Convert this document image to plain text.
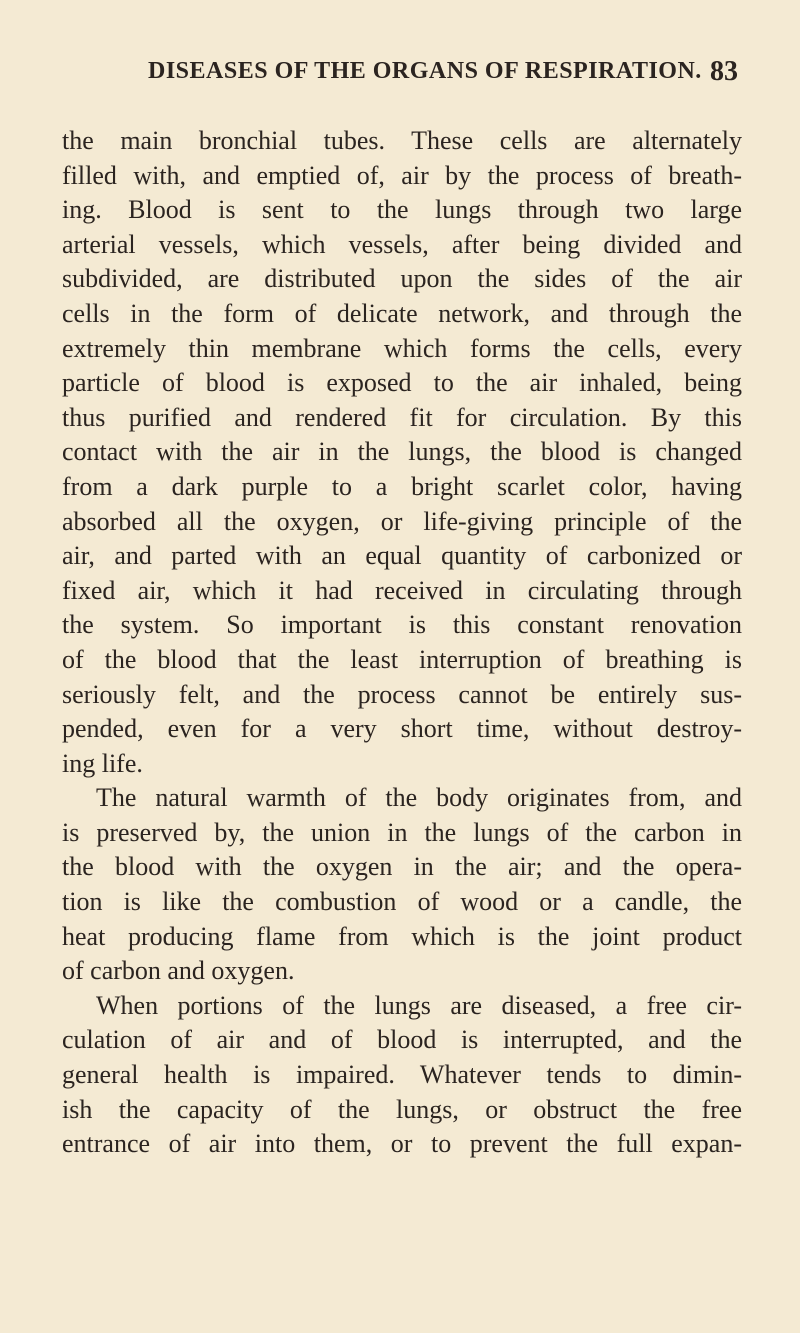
DISEASES OF THE ORGANS OF RESPIRATION. 83
the main bronchial tubes. These cells are alternately
filled with, and emptied of, air by the process of breath-
ing. Blood is sent to the lungs through two large
arterial vessels, which vessels, after being divided and
subdivided, are distributed upon the sides of the air
cells in the form of delicate network, and through the
extremely thin membrane which forms the cells, every
particle of blood is exposed to the air inhaled, being
thus purified and rendered fit for circulation. By this
contact with the air in the lungs, the blood is changed
from a dark purple to a bright scarlet color, having
absorbed all the oxygen, or life-giving principle of the
air, and parted with an equal quantity of carbonized or
fixed air, which it had received in circulating through
the system. So important is this constant renovation
of the blood that the least interruption of breathing is
seriously felt, and the process cannot be entirely sus-
pended, even for a very short time, without destroy-
ing life.
The natural warmth of the body originates from, and
is preserved by, the union in the lungs of the carbon in
the blood with the oxygen in the air; and the opera-
tion is like the combustion of wood or a candle, the
heat producing flame from which is the joint product
of carbon and oxygen.
When portions of the lungs are diseased, a free cir-
culation of air and of blood is interrupted, and the
general health is impaired. Whatever tends to dimin-
ish the capacity of the lungs, or obstruct the free
entrance of air into them, or to prevent the full expan-
